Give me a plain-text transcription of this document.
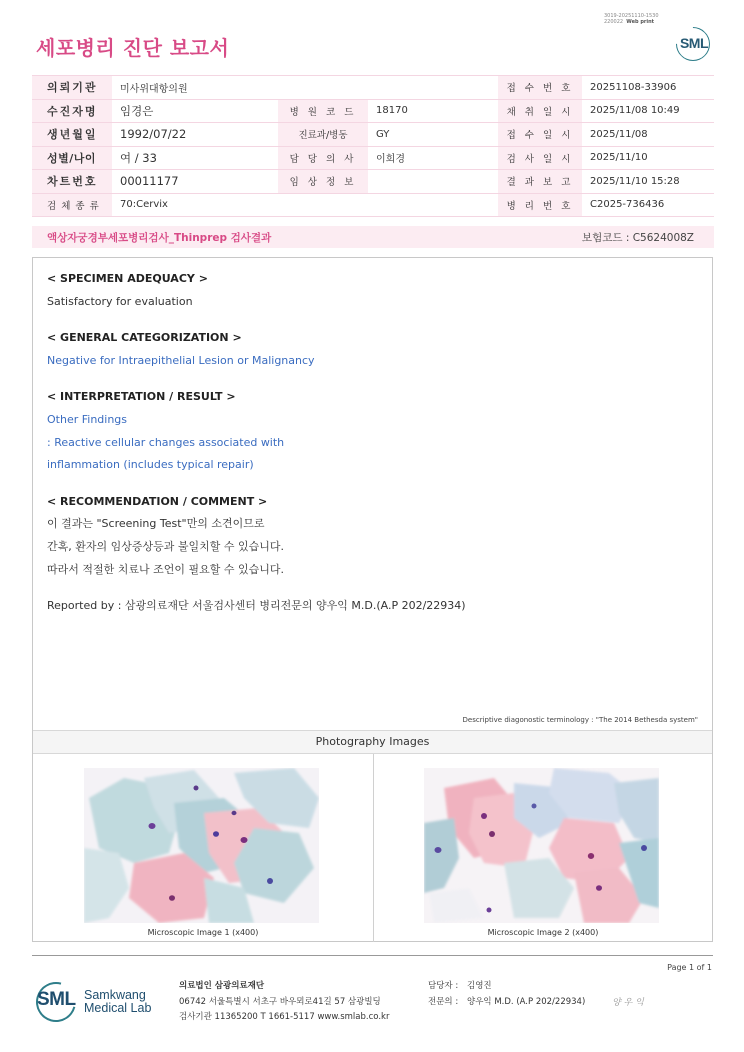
3019-20251110-1530
220022 Web print
세포병리 진단 보고서	SML
의뢰기관	미사위대항의원			접 수 번 호	20251108-33906
수진자명	임경은	병 원 코 드	18170	채 취 일 시	2025/11/08 10:49
생년월일	1992/07/22	진료과/병동	GY	접 수 일 시	2025/11/08
성별/나이	여 / 33	담 당 의 사	이희경	검 사 일 시	2025/11/10
차트번호	00011177	임 상 정 보		결 과 보 고	2025/11/10 15:28
검 체 종 류	70:Cervix			병 리 번 호	C2025-736436
액상자궁경부세포병리검사_Thinprep 검사결과	보험코드 : C5624008Z
< SPECIMEN ADEQUACY >
Satisfactory for evaluation
< GENERAL CATEGORIZATION >
Negative for Intraepithelial Lesion or Malignancy
< INTERPRETATION / RESULT >
Other Findings
: Reactive cellular changes associated with
inflammation (includes typical repair)
< RECOMMENDATION / COMMENT >
이 결과는 "Screening Test"만의 소견이므로
간혹, 환자의 임상증상등과 불일치할 수 있습니다.
따라서 적절한 치료나 조언이 필요할 수 있습니다.
Reported by : 삼광의료재단 서울검사센터 병리전문의 양우익 M.D.(A.P 202/22934)
Descriptive diagonostic terminology : "The 2014 Bethesda system"
Photography Images
Microscopic Image 1 (x400)	Microscopic Image 2 (x400)
Page 1 of 1
SML Samkwang
Medical Lab
의료법인 삼광의료재단
06742 서울특별시 서초구 바우뫼로41길 57 삼광빌딩
검사기관 11365200 T 1661-5117 www.smlab.co.kr
담당자 : 김영진
전문의 : 양우익 M.D. (A.P 202/22934)	양 우 익
